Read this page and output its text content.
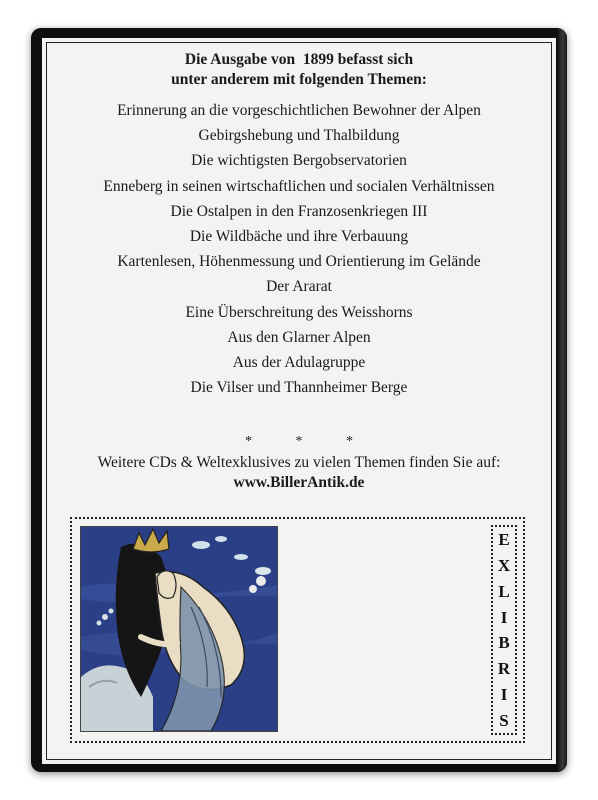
Die Ausgabe von  1899 befasst sich
unter anderem mit folgenden Themen:
Erinnerung an die vorgeschichtlichen Bewohner der Alpen
Gebirgshebung und Thalbildung
Die wichtigsten Bergobservatorien
Enneberg in seinen wirtschaftlichen und socialen Verhältnissen
Die Ostalpen in den Franzosenkriegen III
Die Wildbäche und ihre Verbauung
Kartenlesen, Höhenmessung und Orientierung im Gelände
Der Ararat
Eine Überschreitung des Weisshorns
Aus den Glarner Alpen
Aus der Adulagruppe
Die Vilser und Thannheimer Berge
* * *
Weitere CDs & Weltexklusives zu vielen Themen finden Sie auf:
www.BillerAntik.de
E
X
L
I
B
R
I
S
